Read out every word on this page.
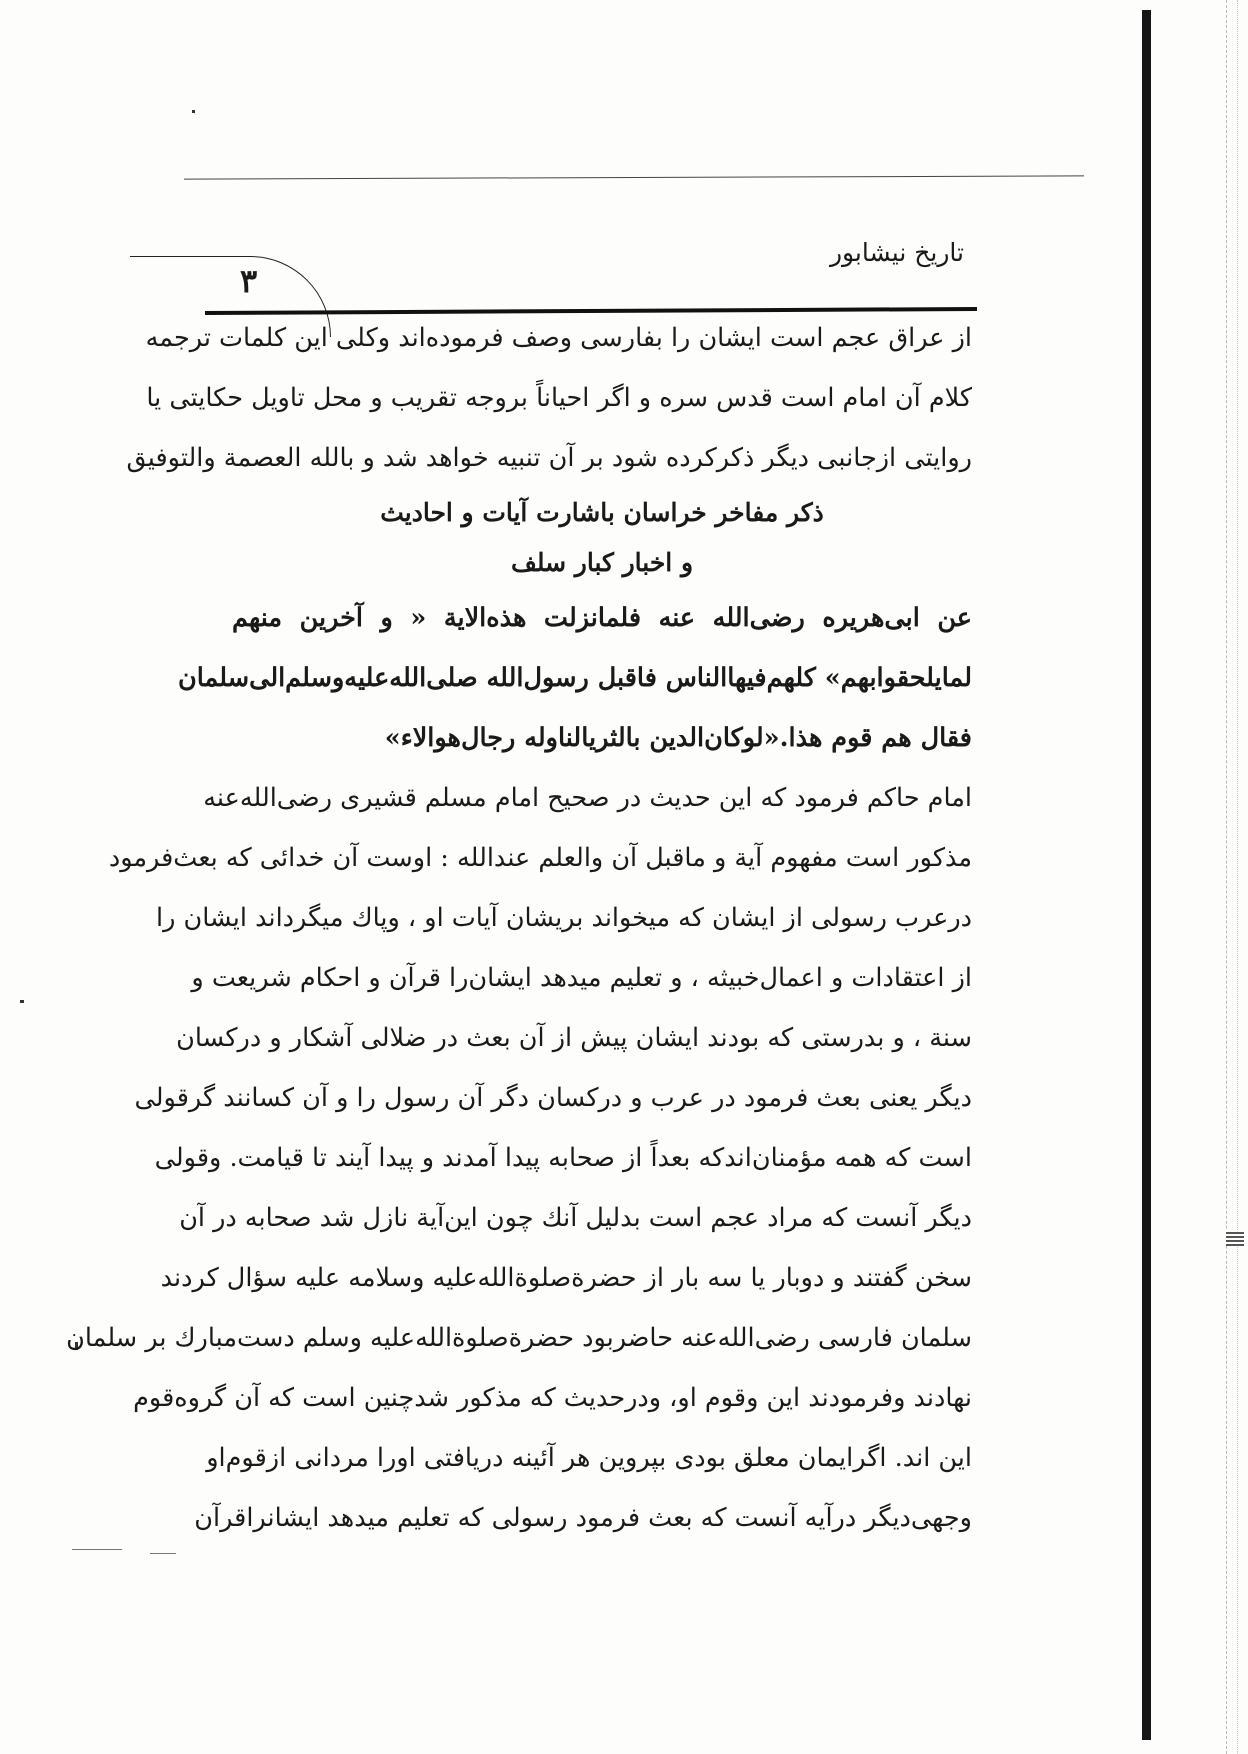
تاریخ نیشابور
۳
از عراق عجم است ایشان را بفارسی وصف فرموده‌اند وکلی این کلمات ترجمه
کلام آن امام است قدس سره و اگر احیاناً بروجه تقریب و محل تاویل حکایتی یا
روایتی ازجانبی دیگر ذکرکرده شود بر آن تنبیه خواهد شد و بالله العصمة والتوفیق
ذکر مفاخر خراسان باشارت آیات و احادیث
و اخبار کبار سلف
عن ابی‌هریره رضی‌الله عنه فلمانزلت هذه‌الایة « و آخرین منهم
لمایلحقوابهم» کلهم‌فیها‌الناس فاقبل رسول‌الله صلی‌الله‌علیه‌وسلم‌الی‌سلمان
فقال هم قوم هذا.«لوکان‌الدین بالثریالناوله رجال‌هوالاء»
امام حاکم فرمود که این حدیث در صحیح امام مسلم قشیری رضی‌الله‌عنه
مذکور است مفهوم آیة و ماقبل آن والعلم عندالله : اوست آن خدائی که بعث‌فرمود
درعرب رسولی از ایشان که میخواند بریشان آیات او ، وپاك میگرداند ایشان را
از اعتقادات و اعمال‌خبیثه ، و تعلیم میدهد ایشان‌را قرآن و احکام شریعت و
سنة ، و بدرستی که بودند ایشان پیش از آن بعث در ضلالی آشکار و درکسان
دیگر یعنی بعث فرمود در عرب و درکسان دگر آن رسول را و آن کسانند گرقولی
است که همه مؤمنان‌اندکه بعداً از صحابه پیدا آمدند و پیدا آیند تا قیامت. وقولی
دیگر آنست که مراد عجم است بدلیل آنك چون این‌آیة نازل شد صحابه در آن
سخن گفتند و دوبار یا سه بار از حضرة‌صلوة‌الله‌علیه وسلامه علیه سؤال کردند
سلمان فارسی رضی‌الله‌عنه حاضربود حضرة‌صلوة‌الله‌علیه وسلم دست‌مبارك بر سلمان
نهادند وفرمودند این وقوم او، ودرحدیث که مذکور شدچنین است که آن گروه‌قوم
این اند. اگرایمان معلق بودی بپروین هر آئینه دریافتی اورا مردانی ازقوم‌او
وجهی‌دیگر درآیه آنست که بعث فرمود رسولی که تعلیم میدهد ایشانراقرآن
